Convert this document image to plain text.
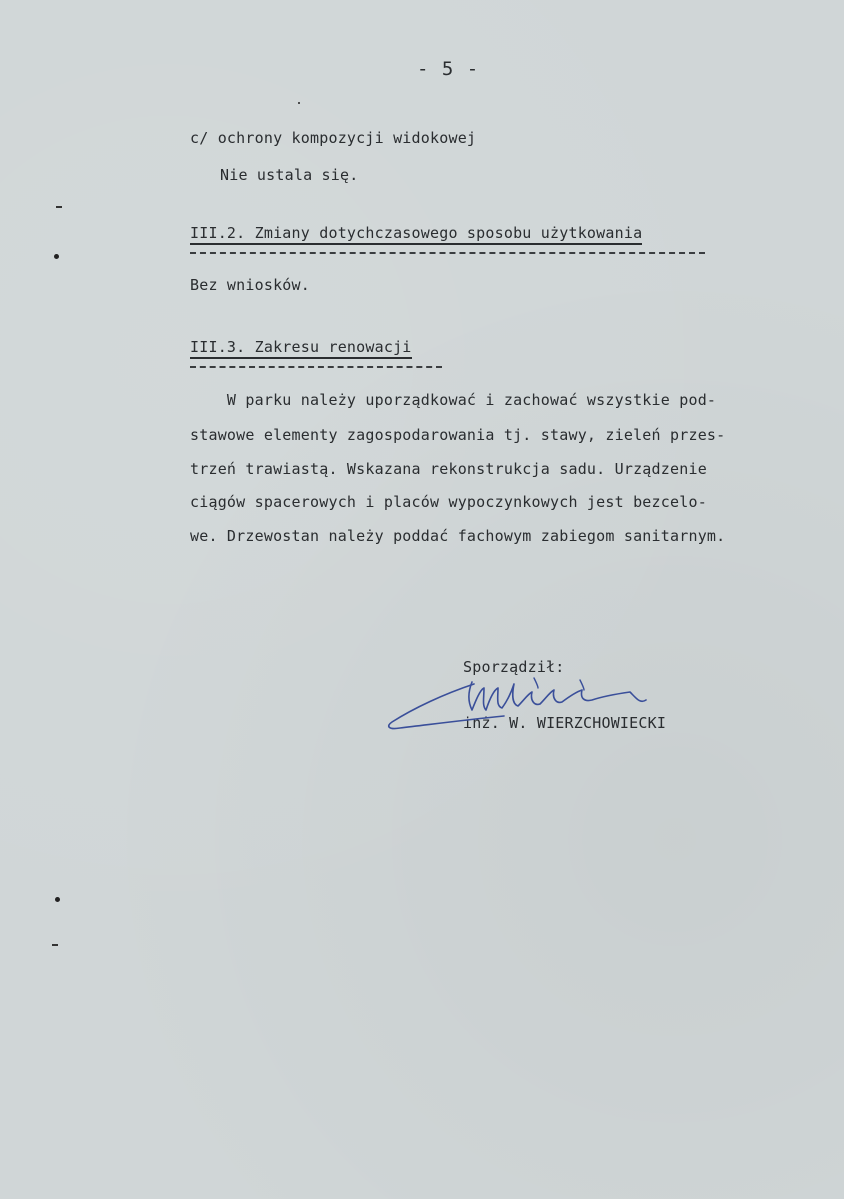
- 5 -
c/ ochrony kompozycji widokowej
Nie ustala się.
III.2. Zmiany dotychczasowego sposobu użytkowania
Bez wniosków.
III.3. Zakresu renowacji
W parku należy uporządkować i zachować wszystkie pod-
stawowe elementy zagospodarowania tj. stawy, zieleń przes-
trzeń trawiastą. Wskazana rekonstrukcja sadu. Urządzenie
ciągów spacerowych i placów wypoczynkowych jest bezcelo-
we. Drzewostan należy poddać fachowym zabiegom sanitarnym.
Sporządził:
inż. W. WIERZCHOWIECKI
